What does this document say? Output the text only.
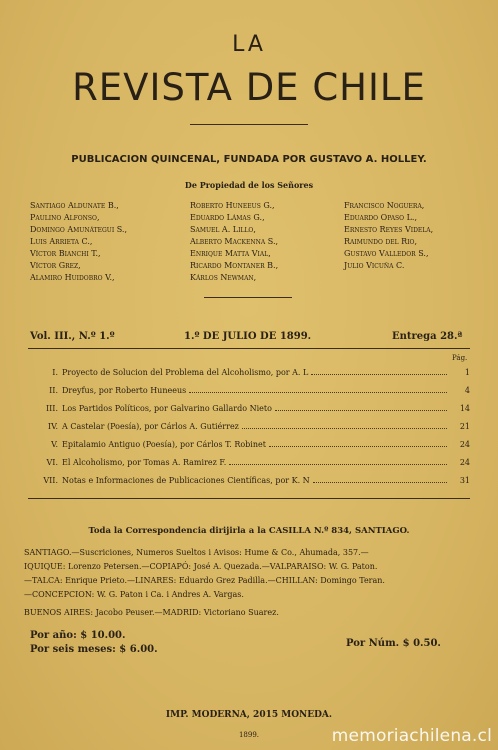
LA
REVISTA DE CHILE
PUBLICACION QUINCENAL, FUNDADA POR GUSTAVO A. HOLLEY.
De Propiedad de los Señores
Santiago Aldunate B.,
Paulino Alfonso,
Domingo Amunátegui S.,
Luis Arrieta C.,
Víctor Bianchi T.,
Víctor Grez,
Alamiro Huidobro V.,
Roberto Huneeus G.,
Eduardo Lámas G.,
Samuel A. Lillo,
Alberto Mackenna S.,
Enrique Matta Vial,
Ricardo Montaner B.,
Kárlos Newman,
Francisco Noguera,
Eduardo Opaso L.,
Ernesto Reyes Videla,
Raimundo del Rio,
Gustavo Valledor S.,
Julio Vicuña C.
Vol. III., N.º 1.º	1.º DE JULIO DE 1899.	Entrega 28.ª
Pág.
I. Proyecto de Solucion del Problema del Alcoholismo, por A. L	1
II. Dreyfus, por Roberto Huneeus	4
III. Los Partidos Políticos, por Galvarino Gallardo Nieto	14
IV. A Castelar (Poesía), por Cárlos A. Gutiérrez	21
V. Epitalamio Antiguo (Poesía), por Cárlos T. Robinet	24
VI. El Alcoholismo, por Tomas A. Ramirez F.	24
VII. Notas e Informaciones de Publicaciones Científicas, por K. N	31
Toda la Correspondencia dirijirla a la CASILLA N.º 834, SANTIAGO.
SANTIAGO.—Suscriciones, Numeros Sueltos i Avisos: Hume & Co., Ahumada, 357.—
IQUIQUE: Lorenzo Petersen.—COPIAPÓ: José A. Quezada.—VALPARAISO: W. G. Paton.
—TALCA: Enrique Prieto.—LINARES: Eduardo Grez Padilla.—CHILLAN: Domingo Teran.
—CONCEPCION: W. G. Paton i Ca. i Andres A. Vargas.
BUENOS AIRES: Jacobo Peuser.—MADRID: Victoriano Suarez.
Por año: $ 10.00.
Por seis meses: $ 6.00.
Por Núm. $ 0.50.
IMP. MODERNA, 2015 MONEDA.
1899.	memoriachilena.cl
